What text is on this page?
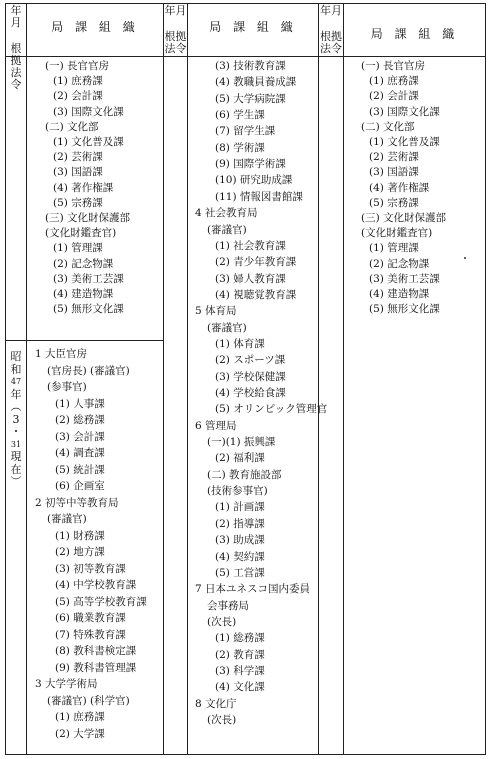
年月
根拠
法令
年月
根拠
法令
年月
根拠
法令
局 課 組 織	局 課 組 織	局 課 組 織
昭
和
47
年
︵
3
・
31
現
在
︶
(一) 長官官房
(1) 庶務課
(2) 会計課
(3) 国際文化課
(二) 文化部
(1) 文化普及課
(2) 芸術課
(3) 国語課
(4) 著作権課
(5) 宗務課
(三) 文化財保護部
(文化財鑑査官)
(1) 管理課
(2) 記念物課
(3) 美術工芸課
(4) 建造物課
(5) 無形文化課
1 大臣官房
(官房長) (審議官)
(参事官)
(1) 人事課
(2) 総務課
(3) 会計課
(4) 調査課
(5) 統計課
(6) 企画室
2 初等中等教育局
(審議官)
(1) 財務課
(2) 地方課
(3) 初等教育課
(4) 中学校教育課
(5) 高等学校教育課
(6) 職業教育課
(7) 特殊教育課
(8) 教科書検定課
(9) 教科書管理課
3 大学学術局
(審議官) (科学官)
(1) 庶務課
(2) 大学課
(3) 技術教育課
(4) 教職員養成課
(5) 大学病院課
(6) 学生課
(7) 留学生課
(8) 学術課
(9) 国際学術課
(10) 研究助成課
(11) 情報図書館課
4 社会教育局
(審議官)
(1) 社会教育課
(2) 青少年教育課
(3) 婦人教育課
(4) 視聴覚教育課
5 体育局
(審議官)
(1) 体育課
(2) スポーツ課
(3) 学校保健課
(4) 学校給食課
(5) オリンピック管理官
6 管理局
(一)(1) 振興課
(2) 福利課
(二) 教育施設部
(技術参事官)
(1) 計画課
(2) 指導課
(3) 助成課
(4) 契約課
(5) 工営課
7 日本ユネスコ国内委員
会事務局
(次長)
(1) 総務課
(2) 教育課
(3) 科学課
(4) 文化課
8 文化庁
(次長)
(一) 長官官房
(1) 庶務課
(2) 会計課
(3) 国際文化課
(二) 文化部
(1) 文化普及課
(2) 芸術課
(3) 国語課
(4) 著作権課
(5) 宗務課
(三) 文化財保護部
(文化財鑑査官)
(1) 管理課
(2) 記念物課
(3) 美術工芸課
(4) 建造物課
(5) 無形文化課
